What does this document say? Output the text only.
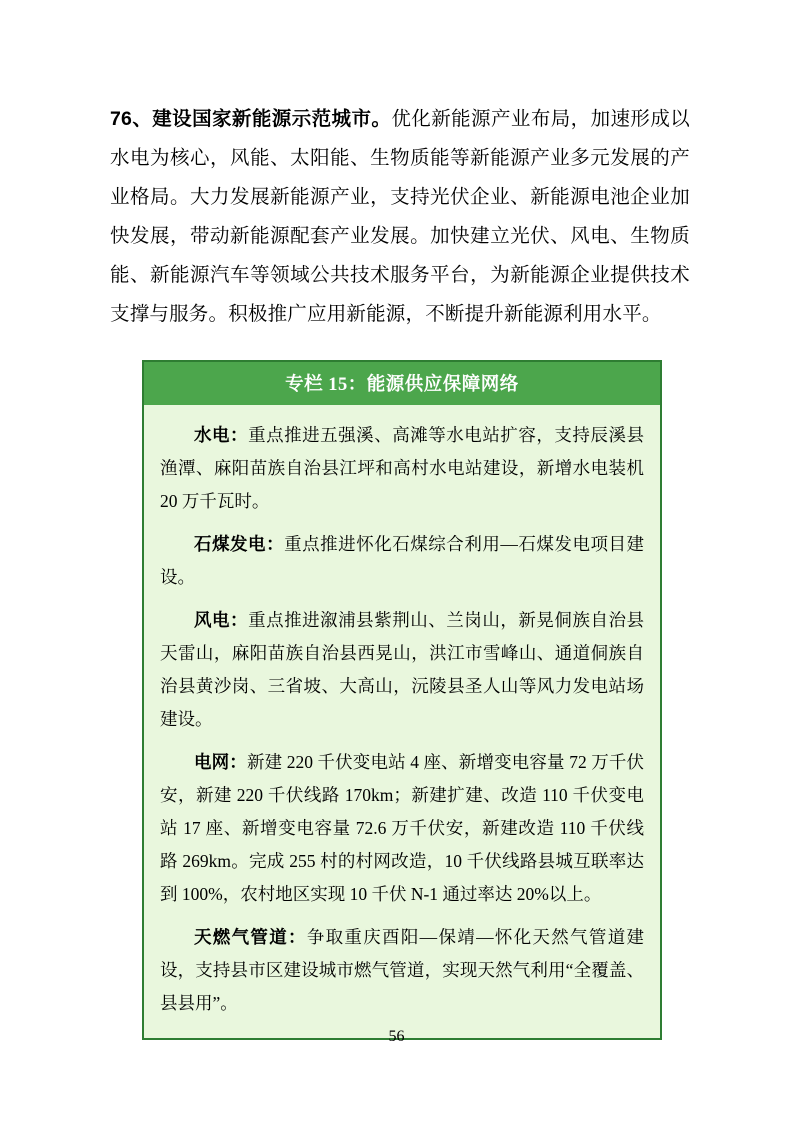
76、建设国家新能源示范城市。优化新能源产业布局，加速形成以水电为核心，风能、太阳能、生物质能等新能源产业多元发展的产业格局。大力发展新能源产业，支持光伏企业、新能源电池企业加快发展，带动新能源配套产业发展。加快建立光伏、风电、生物质能、新能源汽车等领域公共技术服务平台，为新能源企业提供技术支撑与服务。积极推广应用新能源，不断提升新能源利用水平。

专栏 15：能源供应保障网络

水电：重点推进五强溪、高滩等水电站扩容，支持辰溪县渔潭、麻阳苗族自治县江坪和高村水电站建设，新增水电装机 20 万千瓦时。

石煤发电：重点推进怀化石煤综合利用—石煤发电项目建设。

风电：重点推进溆浦县紫荆山、兰岗山，新晃侗族自治县天雷山，麻阳苗族自治县西晃山，洪江市雪峰山、通道侗族自治县黄沙岗、三省坡、大高山，沅陵县圣人山等风力发电站场建设。

电网：新建 220 千伏变电站 4 座、新增变电容量 72 万千伏安，新建 220 千伏线路 170km；新建扩建、改造 110 千伏变电站 17 座、新增变电容量 72.6 万千伏安，新建改造 110 千伏线路 269km。完成 255 村的村网改造，10 千伏线路县城互联率达到 100%，农村地区实现 10 千伏 N-1 通过率达 20%以上。

天燃气管道：争取重庆酉阳—保靖—怀化天然气管道建设，支持县市区建设城市燃气管道，实现天然气利用“全覆盖、县县用”。

56
